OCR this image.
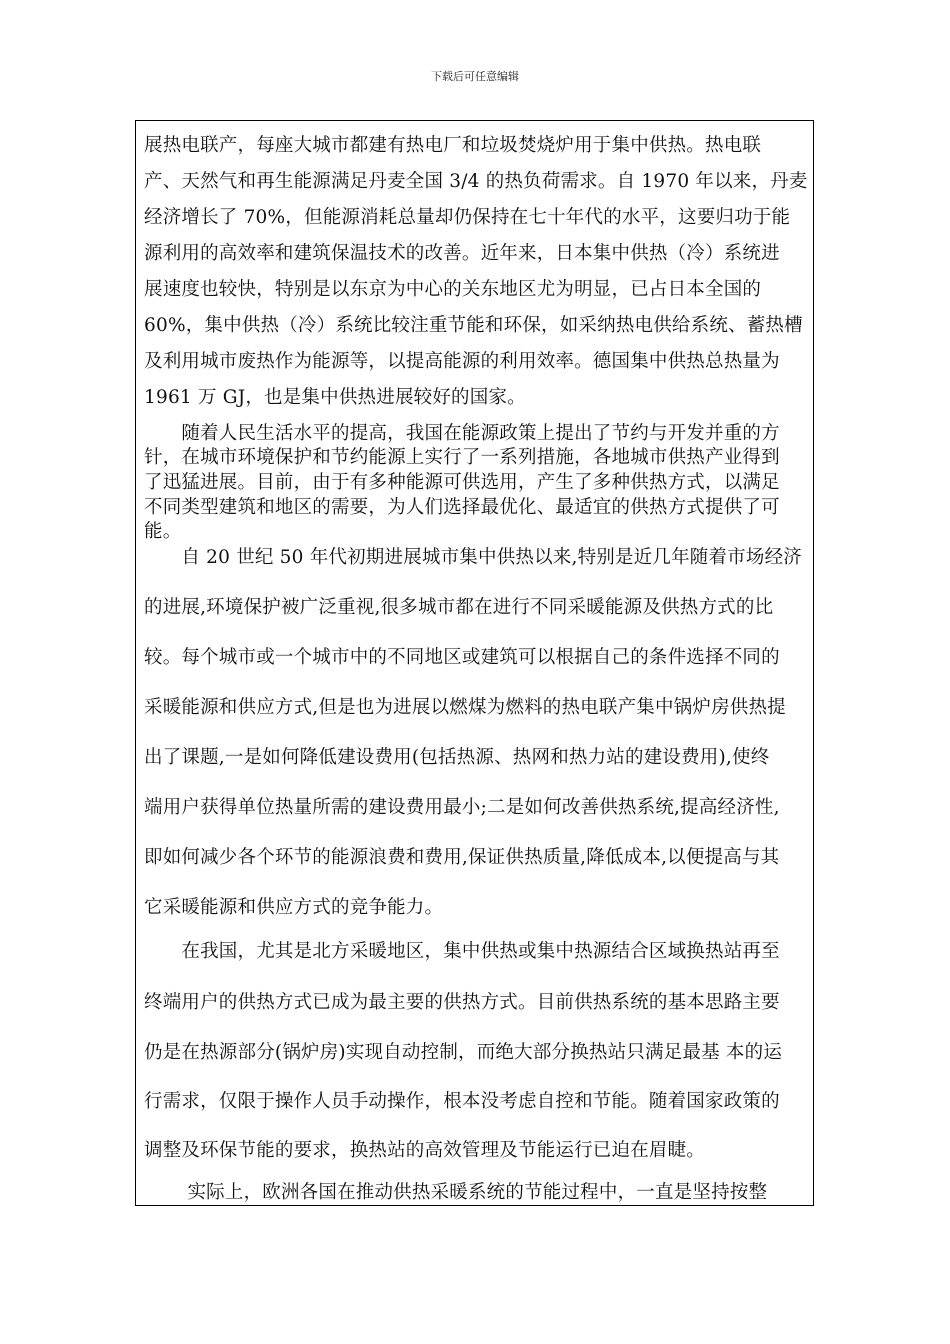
下载后可任意编辑
展热电联产，每座大城市都建有热电厂和垃圾焚烧炉用于集中供热。热电联
产、天然气和再生能源满足丹麦全国 3/4 的热负荷需求。自 1970 年以来，丹麦
经济增长了 70%，但能源消耗总量却仍保持在七十年代的水平，这要归功于能
源利用的高效率和建筑保温技术的改善。近年来，日本集中供热（冷）系统进
展速度也较快，特别是以东京为中心的关东地区尤为明显，已占日本全国的
60%，集中供热（冷）系统比较注重节能和环保，如采纳热电供给系统、蓄热槽
及利用城市废热作为能源等，以提高能源的利用效率。德国集中供热总热量为
1961 万 GJ，也是集中供热进展较好的国家。
　　随着人民生活水平的提高，我国在能源政策上提出了节约与开发并重的方
针，在城市环境保护和节约能源上实行了一系列措施，各地城市供热产业得到
了迅猛进展。目前，由于有多种能源可供选用，产生了多种供热方式，以满足
不同类型建筑和地区的需要，为人们选择最优化、最适宜的供热方式提供了可
能。
　　自 20 世纪 50 年代初期进展城市集中供热以来,特别是近几年随着市场经济
的进展,环境保护被广泛重视,很多城市都在进行不同采暖能源及供热方式的比
较。每个城市或一个城市中的不同地区或建筑可以根据自己的条件选择不同的
采暖能源和供应方式,但是也为进展以燃煤为燃料的热电联产集中锅炉房供热提
出了课题,一是如何降低建设费用(包括热源、热网和热力站的建设费用),使终
端用户获得单位热量所需的建设费用最小;二是如何改善供热系统,提高经济性,
即如何减少各个环节的能源浪费和费用,保证供热质量,降低成本,以便提高与其
它采暖能源和供应方式的竞争能力。
　　在我国，尤其是北方采暖地区，集中供热或集中热源结合区域换热站再至
终端用户的供热方式已成为最主要的供热方式。目前供热系统的基本思路主要
仍是在热源部分(锅炉房)实现自动控制，而绝大部分换热站只满足最基 本的运
行需求，仅限于操作人员手动操作，根本没考虑自控和节能。随着国家政策的
调整及环保节能的要求，换热站的高效管理及节能运行已迫在眉睫。
　　 实际上，欧洲各国在推动供热采暖系统的节能过程中，一直是坚持按整
